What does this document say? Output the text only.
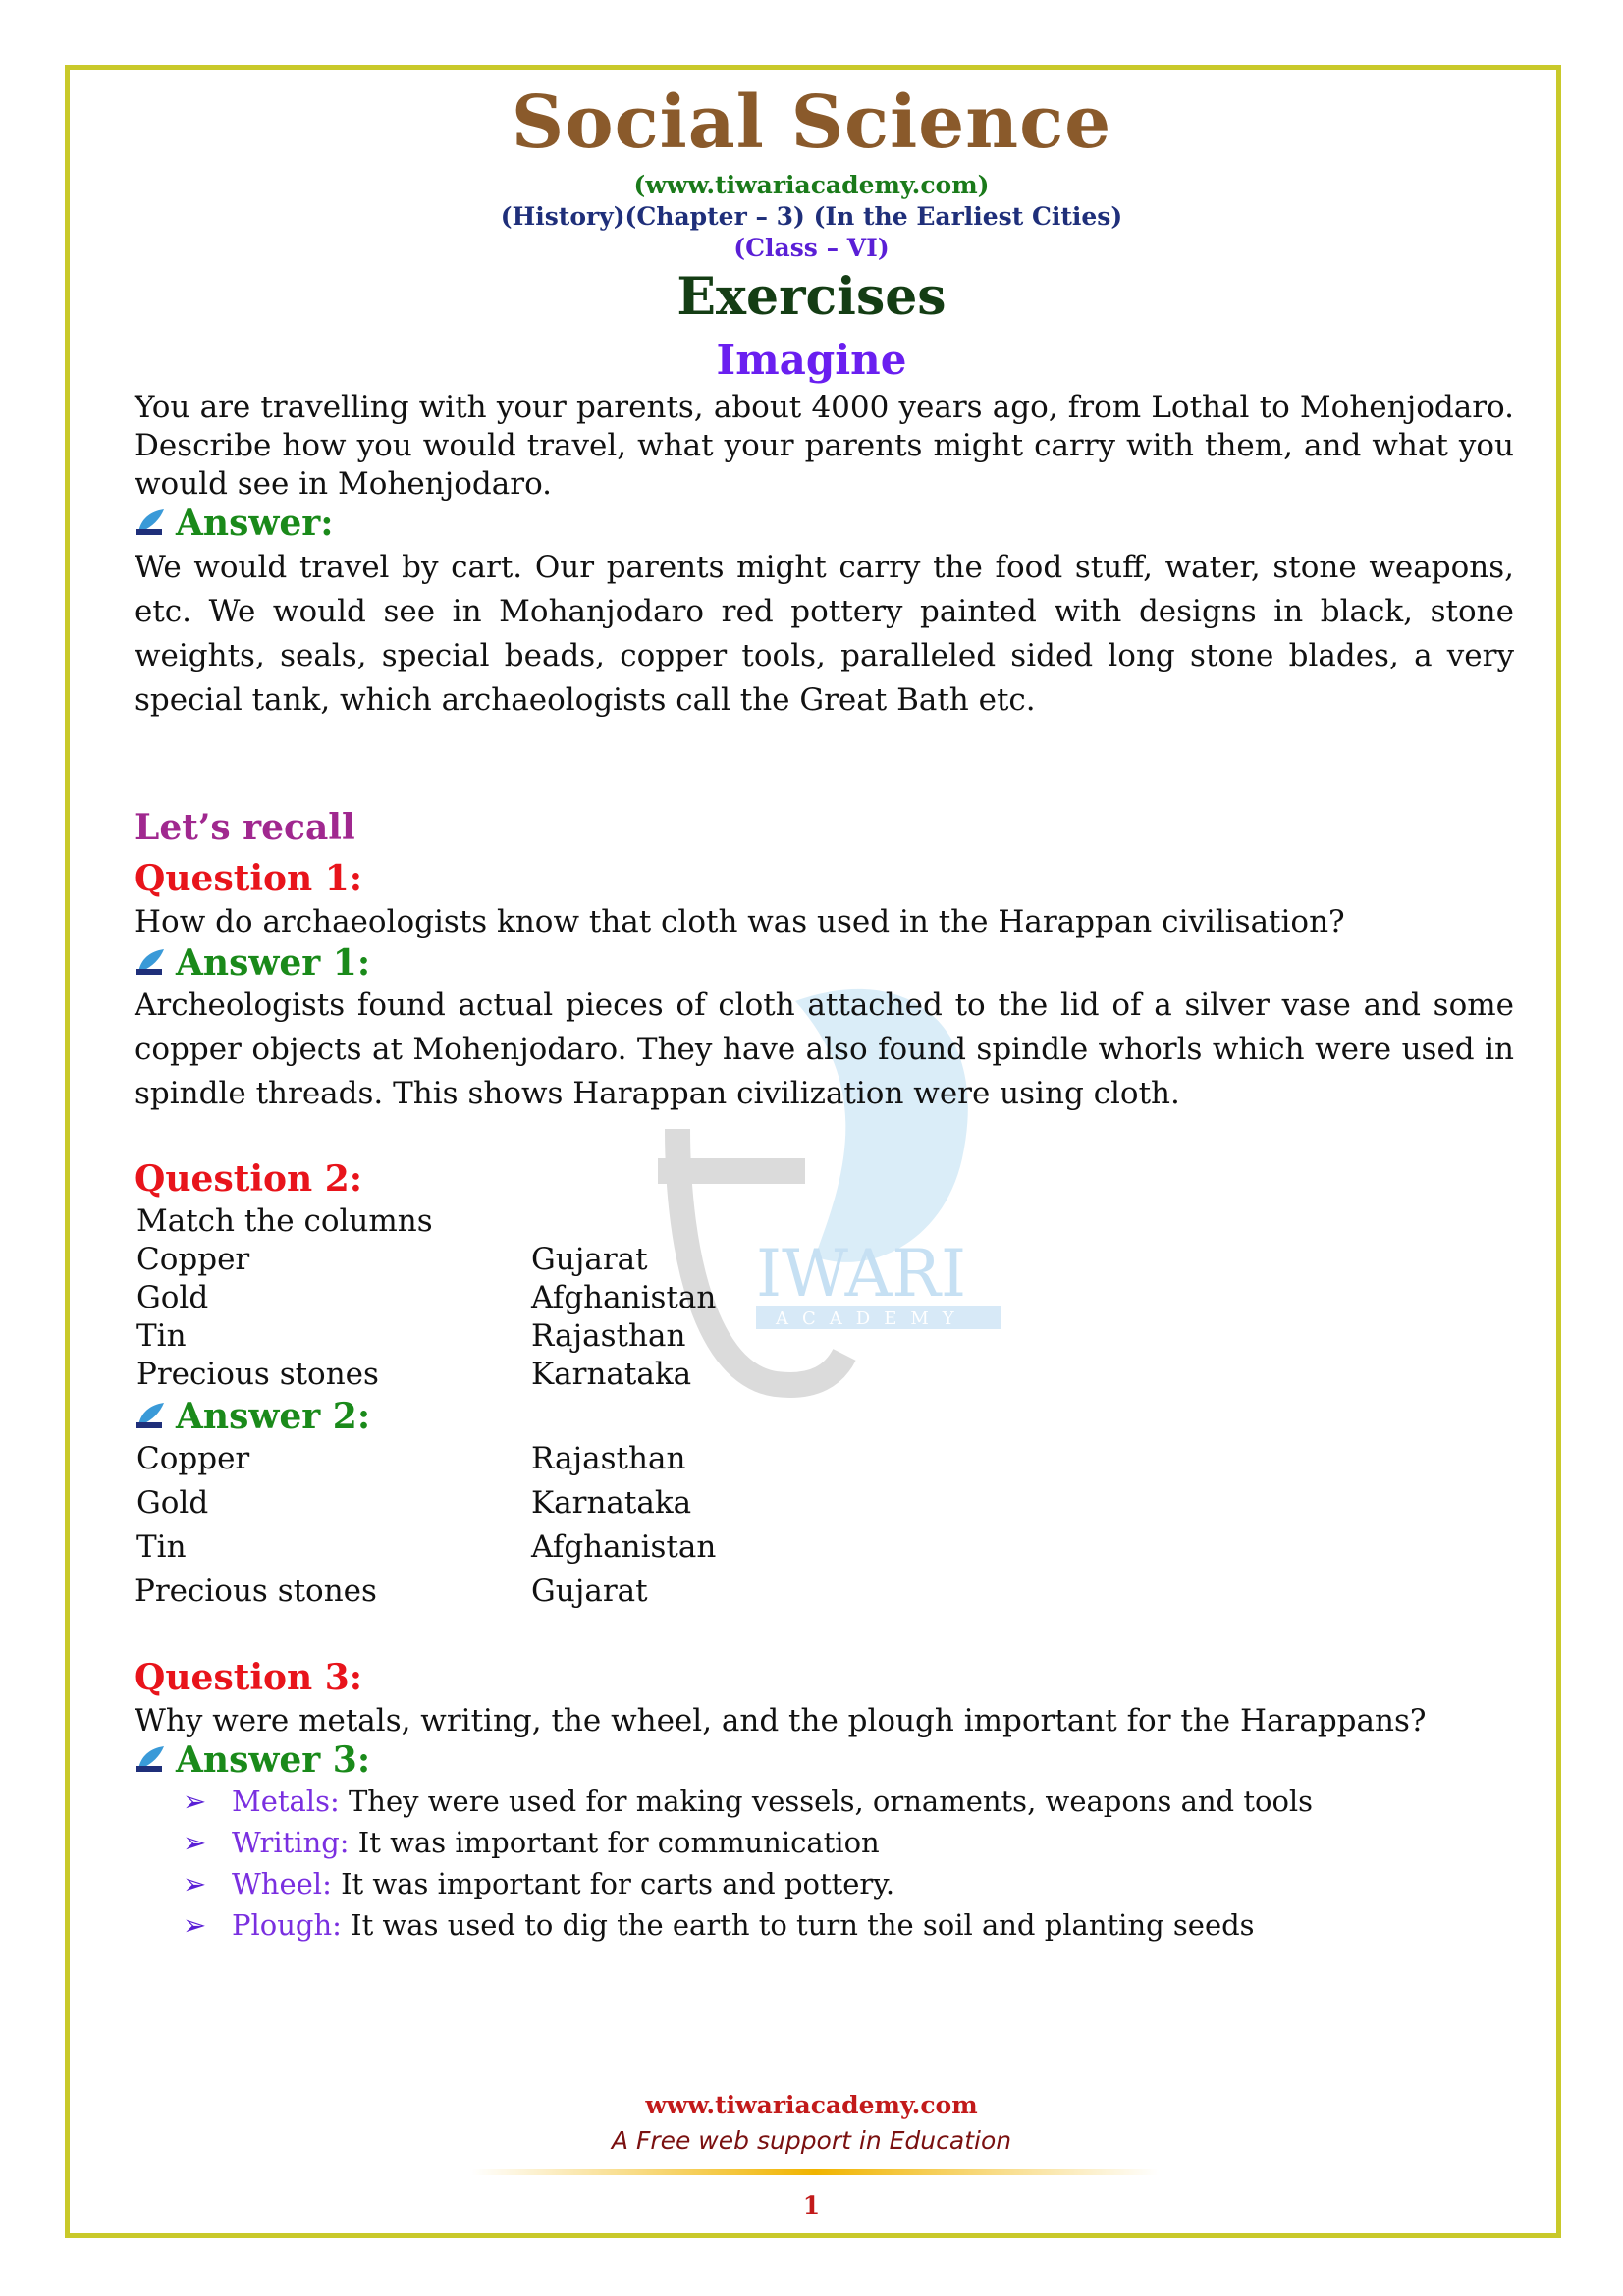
IWARI
ACADEMY
Social Science
(www.tiwariacademy.com)
(History)(Chapter – 3) (In the Earliest Cities)
(Class – VI)
Exercises
Imagine
You are travelling with your parents, about 4000 years ago, from Lothal to Mohenjodaro. Describe how you would travel, what your parents might carry with them, and what you would see in Mohenjodaro.
Answer:
We would travel by cart. Our parents might carry the food stuff, water, stone weapons, etc. We would see in Mohanjodaro red pottery painted with designs in black, stone weights, seals, special beads, copper tools, paralleled sided long stone blades, a very special tank, which archaeologists call the Great Bath etc.
Let’s recall
Question 1:
How do archaeologists know that cloth was used in the Harappan civilisation?
Answer 1:
Archeologists found actual pieces of cloth attached to the lid of a silver vase and some copper objects at Mohenjodaro. They have also found spindle whorls which were used in spindle threads. This shows Harappan civilization were using cloth.
Question 2:
Match the columns
Copper	Gujarat
Gold	Afghanistan
Tin	Rajasthan
Precious stones	Karnataka
Answer 2:
Copper	Rajasthan
Gold	Karnataka
Tin	Afghanistan
Precious stones	Gujarat
Question 3:
Why were metals, writing, the wheel, and the plough important for the Harappans?
Answer 3:
➢ Metals: They were used for making vessels, ornaments, weapons and tools
➢ Writing: It was important for communication
➢ Wheel: It was important for carts and pottery.
➢ Plough: It was used to dig the earth to turn the soil and planting seeds
www.tiwariacademy.com
A Free web support in Education
1
